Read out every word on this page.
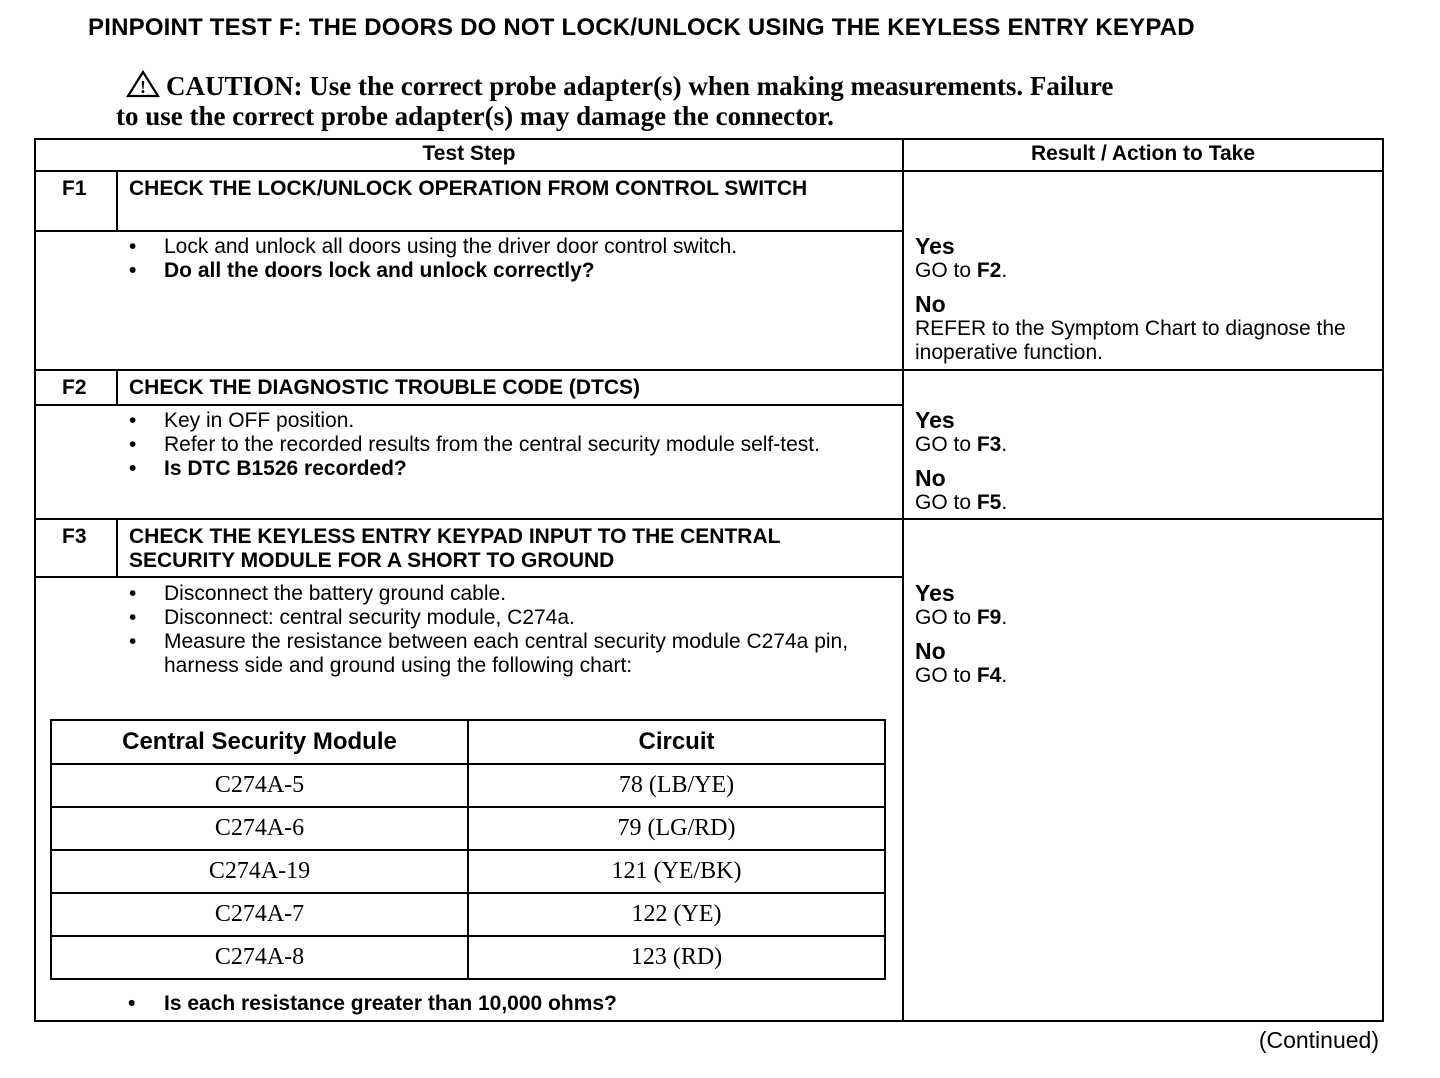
PINPOINT TEST F: THE DOORS DO NOT LOCK/UNLOCK USING THE KEYLESS ENTRY KEYPAD
! CAUTION: Use the correct probe adapter(s) when making measurements. Failure
to use the correct probe adapter(s) may damage the connector.
Test Step	Result / Action to Take
F1	CHECK THE LOCK/UNLOCK OPERATION FROM CONTROL SWITCH
• Lock and unlock all doors using the driver door control switch.
• Do all the doors lock and unlock correctly?
Yes
GO to F2.
No
REFER to the Symptom Chart to diagnose the inoperative function.
F2	CHECK THE DIAGNOSTIC TROUBLE CODE (DTCS)
• Key in OFF position.
• Refer to the recorded results from the central security module self-test.
• Is DTC B1526 recorded?
Yes
GO to F3.
No
GO to F5.
F3	CHECK THE KEYLESS ENTRY KEYPAD INPUT TO THE CENTRAL SECURITY MODULE FOR A SHORT TO GROUND
• Disconnect the battery ground cable.
• Disconnect: central security module, C274a.
• Measure the resistance between each central security module C274a pin, harness side and ground using the following chart:
Central Security Module	Circuit
C274A-5	78 (LB/YE)
C274A-6	79 (LG/RD)
C274A-19	121 (YE/BK)
C274A-7	122 (YE)
C274A-8	123 (RD)
• Is each resistance greater than 10,000 ohms?
Yes
GO to F9.
No
GO to F4.
(Continued)
